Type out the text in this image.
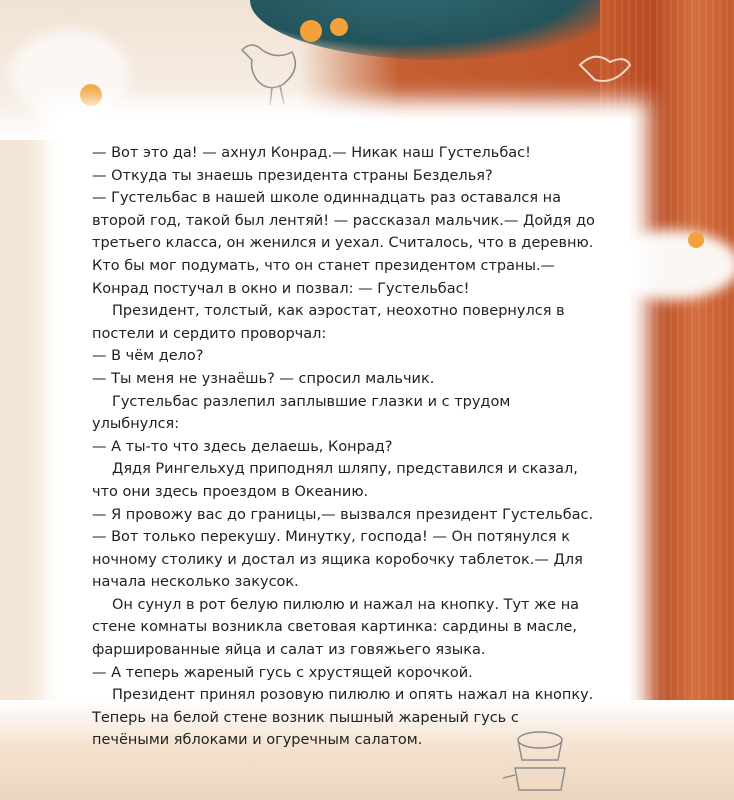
— Вот это да! — ахнул Конрад.— Никак наш Густельбас!

— Откуда ты знаешь президента страны Безделья?

— Густельбас в нашей школе одиннадцать раз оставался на второй год, такой был лентяй! — рассказал мальчик.— Дойдя до третьего класса, он женился и уехал. Считалось, что в деревню. Кто бы мог подумать, что он станет президентом страны.— Конрад постучал в окно и позвал: — Густельбас!

Президент, толстый, как аэростат, неохотно повернулся в постели и сердито проворчал:

— В чём дело?

— Ты меня не узнаёшь? — спросил мальчик.

Густельбас разлепил заплывшие глазки и с трудом улыбнулся:

— А ты-то что здесь делаешь, Конрад?

Дядя Рингельхуд приподнял шляпу, представился и сказал, что они здесь проездом в Океанию.

— Я провожу вас до границы,— вызвался президент Густельбас.— Вот только перекушу. Минутку, господа! — Он потянулся к ночному столику и достал из ящика коробочку таблеток.— Для начала несколько закусок.

Он сунул в рот белую пилюлю и нажал на кнопку. Тут же на стене комнаты возникла световая картинка: сардины в масле, фаршированные яйца и салат из говяжьего языка.

— А теперь жареный гусь с хрустящей корочкой.

Президент принял розовую пилюлю и опять нажал на кнопку. Теперь на белой стене возник пышный жареный гусь с печёными яблоками и огуречным салатом.
